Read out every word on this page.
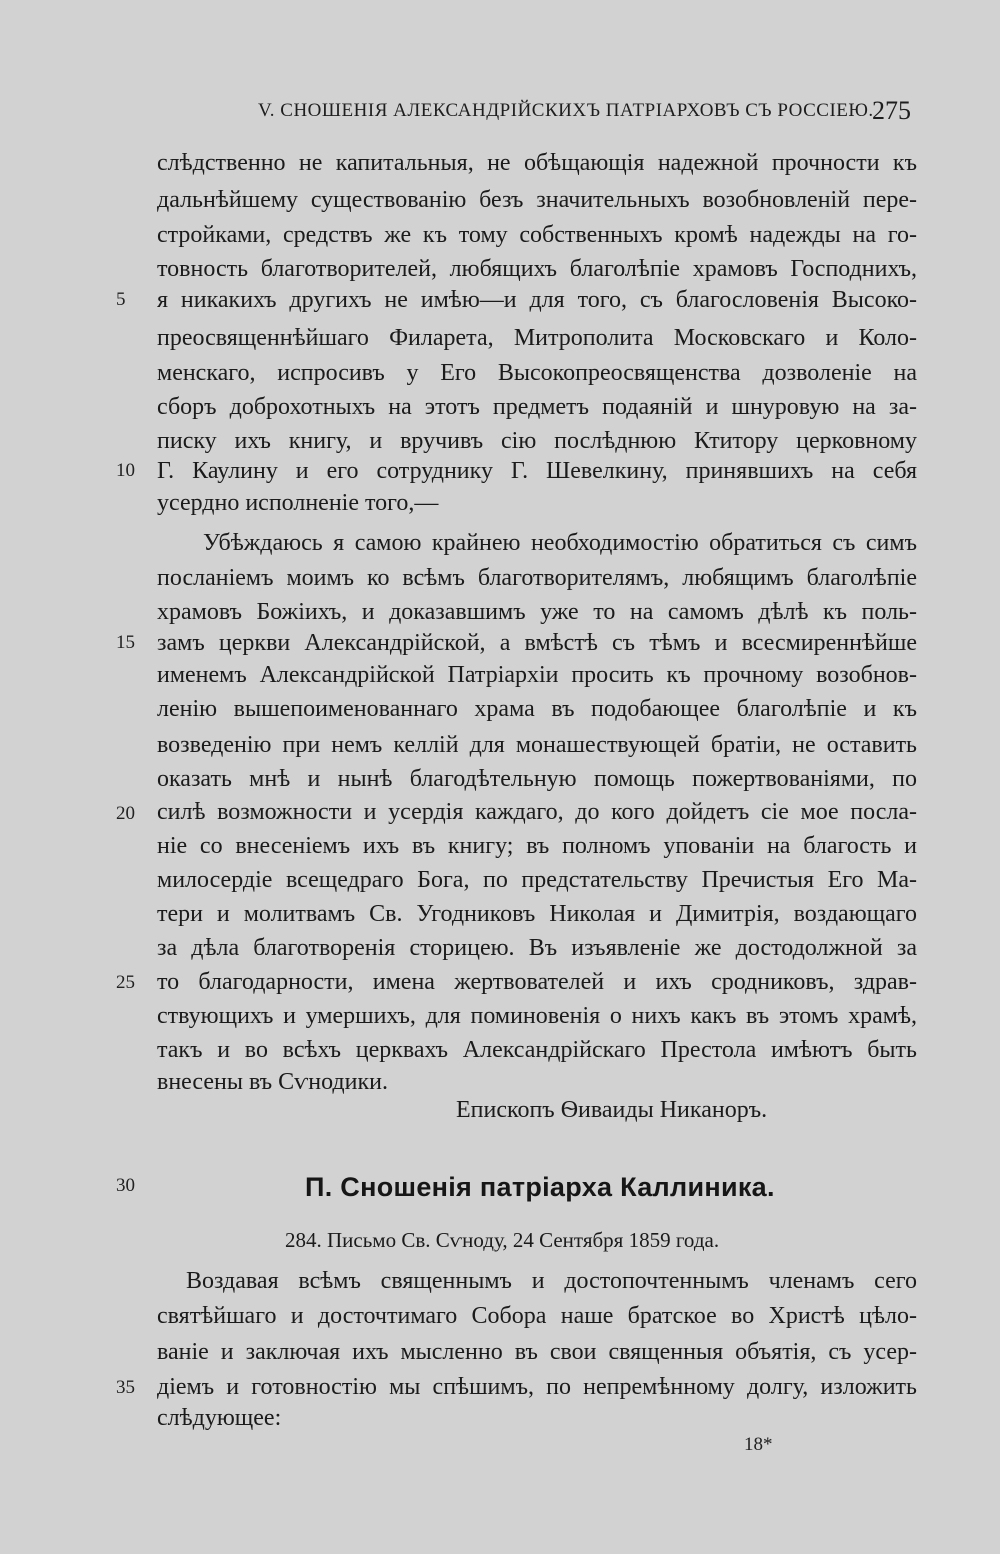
V. СНОШЕНІЯ АЛЕКСАНДРІЙСКИХЪ ПАТРІАРХОВЪ СЪ РОССІЕЮ.
275
слѣдственно не капитальныя, не обѣщающія надежной прочности къ
дальнѣйшему существованію безъ значительныхъ возобновленій пере-
стройками, средствъ же къ тому собственныхъ кромѣ надежды на го-
товность благотворителей, любящихъ благолѣпіе храмовъ Господнихъ,
5	я никакихъ другихъ не имѣю—и для того, съ благословенія Высоко-
преосвященнѣйшаго Филарета, Митрополита Московскаго и Коло-
менскаго, испросивъ у Его Высокопреосвященства дозволеніе на
сборъ доброхотныхъ на этотъ предметъ подаяній и шнуровую на за-
писку ихъ книгу, и вручивъ сію послѣднюю Ктитору церковному
10 Г. Каулину и его сотруднику Г. Шевелкину, принявшихъ на себя
усердно исполненіе того,—
Убѣждаюсь я самою крайнею необходимостію обратиться съ симъ
посланіемъ моимъ ко всѣмъ благотворителямъ, любящимъ благолѣпіе
храмовъ Божіихъ, и доказавшимъ уже то на самомъ дѣлѣ къ поль-
15 замъ церкви Александрійской, а вмѣстѣ съ тѣмъ и всесмиреннѣйше
именемъ Александрійской Патріархіи просить къ прочному возобнов-
ленію вышепоименованнаго храма въ подобающее благолѣпіе и къ
возведенію при немъ келлій для монашествующей братіи, не оставить
оказать мнѣ и нынѣ благодѣтельную помощь пожертвованіями, по
20 силѣ возможности и усердія каждаго, до кого дойдетъ сіе мое посла-
ніе со внесеніемъ ихъ въ книгу; въ полномъ упованіи на благость и
милосердіе всещедраго Бога, по предстательству Пречистыя Его Ма-
тери и молитвамъ Св. Угодниковъ Николая и Димитрія, воздающаго
за дѣла благотворенія сторицею. Въ изъявленіе же достодолжной за
25 то благодарности, имена жертвователей и ихъ сродниковъ, здрав-
ствующихъ и умершихъ, для поминовенія о нихъ какъ въ этомъ храмѣ,
такъ и во всѣхъ церквахъ Александрійскаго Престола имѣютъ быть
внесены въ Сѵнодики.
Епископъ Ѳиваиды Никаноръ.
30	П. Сношенія патріарха Каллиника.
284. Письмо Св. Сѵноду, 24 Сентября 1859 года.
Воздавая всѣмъ священнымъ и достопочтеннымъ членамъ сего
святѣйшаго и досточтимаго Собора наше братское во Христѣ цѣло-
ваніе и заключая ихъ мысленно въ свои священныя объятія, съ усер-
35 діемъ и готовностію мы спѣшимъ, по непремѣнному долгу, изложить
слѣдующее:
18*
